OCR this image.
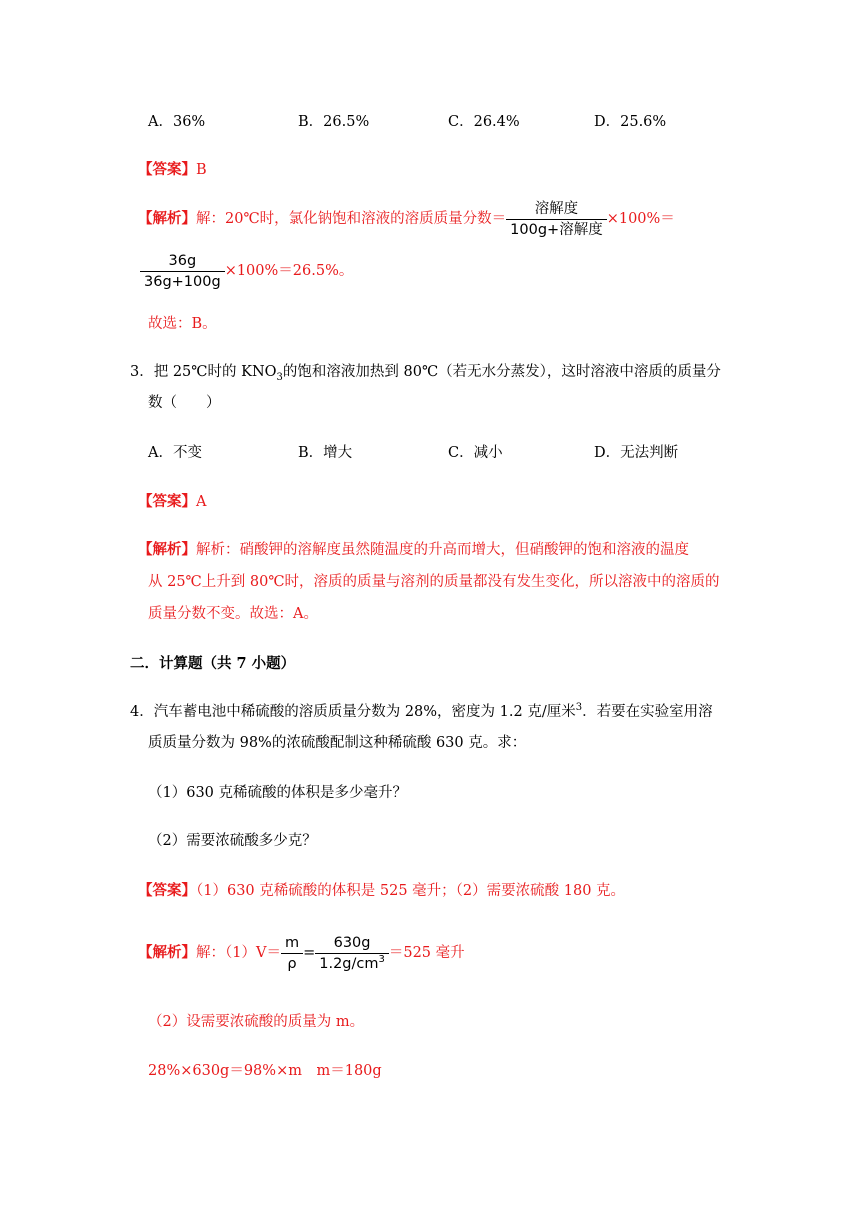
A．36%	B．26.5%	C．26.4%	D．25.6%
【答案】B
【解析】解：20℃时，氯化钠饱和溶液的溶质质量分数＝ $\frac{\text{溶解度}}{\text{100g+溶解度}} \times 100\%=$
$\frac{36g}{36g+100g} \times 100\%=26.5\%$。
故选：B。
3．把 25℃时的 $KNO_3$的饱和溶液加热到 80℃（若无水分蒸发），这时溶液中溶质的质量分
数（　　）
A．不变	B．增大	C．减小	D．无法判断
【答案】A
【解析】解析：硝酸钾的溶解度虽然随温度的升高而增大，但硝酸钾的饱和溶液的温度
从 25℃上升到 80℃时，溶质的质量与溶剂的质量都没有发生变化，所以溶液中的溶质的
质量分数不变。故选：A。
二．计算题（共 7 小题）
4．汽车蓄电池中稀硫酸的溶质质量分数为 28%，密度为 1.2 克/厘米$^3$．若要在实验室用溶
质质量分数为 98%的浓硫酸配制这种稀硫酸 630 克。求：
（1）630 克稀硫酸的体积是多少毫升？
（2）需要浓硫酸多少克？
【答案】（1）630 克稀硫酸的体积是 525 毫升；（2）需要浓硫酸 180 克。
【解析】解：$(1)V= \frac{m}{\rho} = \frac{630g}{1.2g/cm^3} =525$ 毫升
（2）设需要浓硫酸的质量为 m。
28%×630g＝98%×m　m＝180g
